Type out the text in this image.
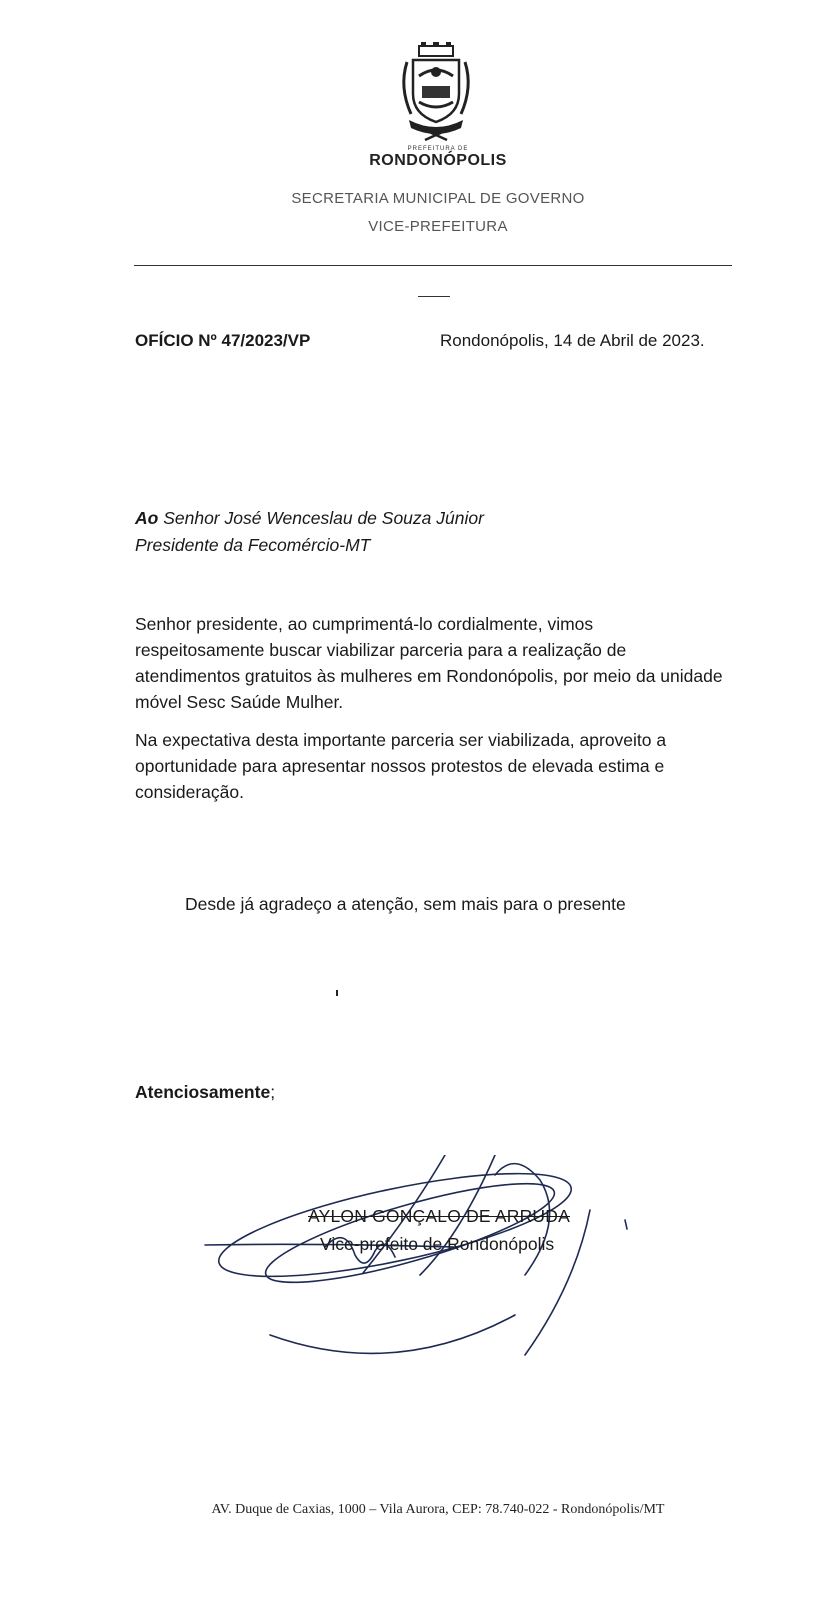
PREFEITURA DE
RONDONÓPOLIS
SECRETARIA MUNICIPAL DE GOVERNO
VICE-PREFEITURA
OFÍCIO Nº 47/2023/VP	Rondonópolis, 14 de Abril de 2023.
Ao Senhor José Wenceslau de Souza Júnior
Presidente da Fecomércio-MT
Senhor presidente, ao cumprimentá-lo cordialmente, vimos respeitosamente buscar viabilizar parceria para a realização de atendimentos gratuitos às mulheres em Rondonópolis, por meio da unidade móvel Sesc Saúde Mulher.
Na expectativa desta importante parceria ser viabilizada, aproveito a oportunidade para apresentar nossos protestos de elevada estima e consideração.
Desde já agradeço a atenção, sem mais para o presente
Atenciosamente;
AYLON GONÇALO DE ARRUDA
Vice-prefeito de Rondonópolis
AV. Duque de Caxias, 1000 – Vila Aurora, CEP: 78.740-022 - Rondonópolis/MT
